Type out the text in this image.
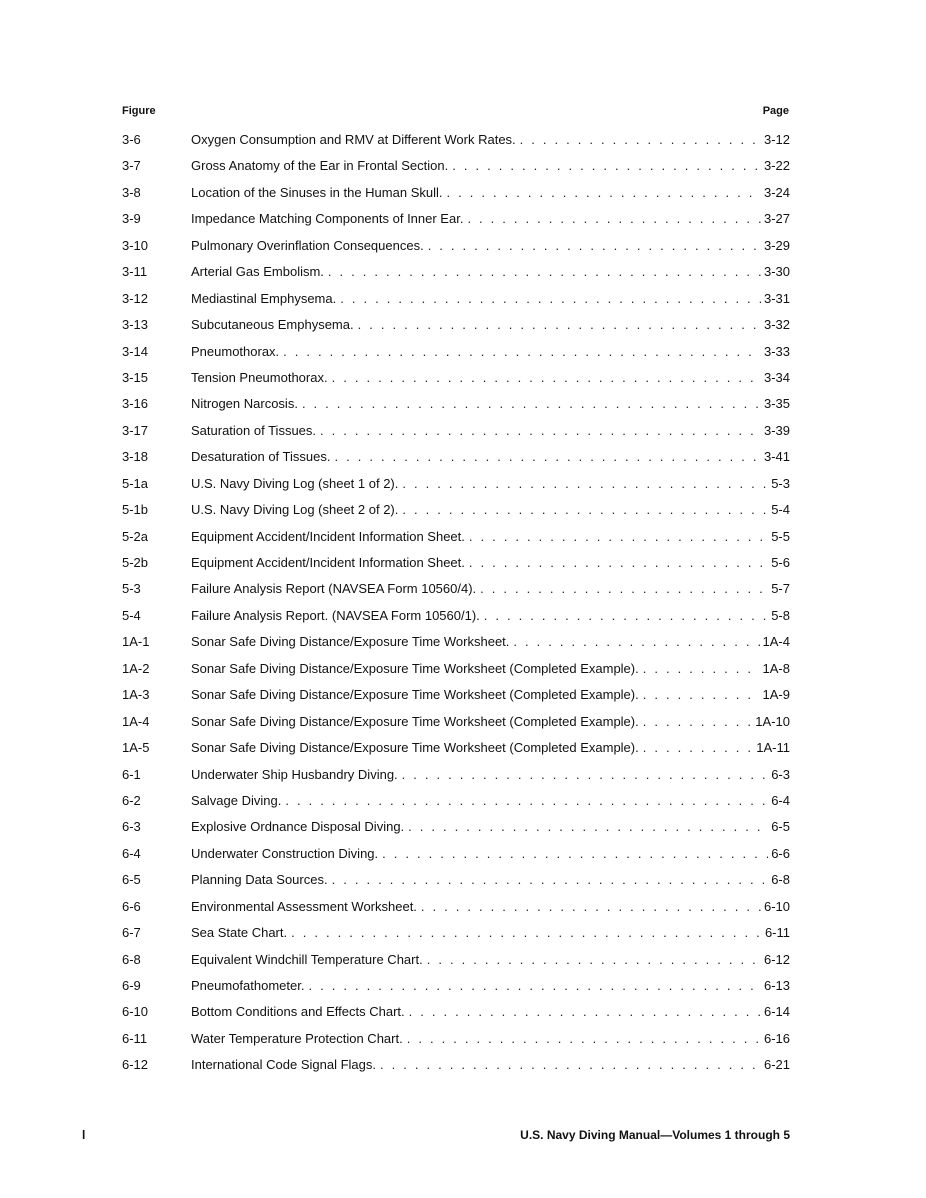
Figure	Page
3-6	Oxygen Consumption and RMV at Different Work Rates. . . .	3-12
3-7	Gross Anatomy of the Ear in Frontal Section. . . .	3-22
3-8	Location of the Sinuses in the Human Skull. . . .	3-24
3-9	Impedance Matching Components of Inner Ear. . . .	3-27
3-10	Pulmonary Overinflation Consequences. . . .	3-29
3-11	Arterial Gas Embolism. . . .	3-30
3-12	Mediastinal Emphysema. . . .	3-31
3-13	Subcutaneous Emphysema. . . .	3-32
3-14	Pneumothorax. . . .	3-33
3-15	Tension Pneumothorax. . . .	3-34
3-16	Nitrogen Narcosis. . . .	3-35
3-17	Saturation of Tissues. . . .	3-39
3-18	Desaturation of Tissues. . . .	3-41
5-1a	U.S. Navy Diving Log (sheet 1 of 2). . . .	5-3
5-1b	U.S. Navy Diving Log (sheet 2 of 2). . . .	5-4
5-2a	Equipment Accident/Incident Information Sheet. . . .	5-5
5-2b	Equipment Accident/Incident Information Sheet. . . .	5-6
5-3	Failure Analysis Report (NAVSEA Form 10560/4). . . .	5-7
5-4	Failure Analysis Report. (NAVSEA Form 10560/1). . . .	5-8
1A-1	Sonar Safe Diving Distance/Exposure Time Worksheet. . . .	1A-4
1A-2	Sonar Safe Diving Distance/Exposure Time Worksheet (Completed Example). . . .	1A-8
1A-3	Sonar Safe Diving Distance/Exposure Time Worksheet (Completed Example). . . .	1A-9
1A-4	Sonar Safe Diving Distance/Exposure Time Worksheet (Completed Example). . . .	1A-10
1A-5	Sonar Safe Diving Distance/Exposure Time Worksheet (Completed Example). . . .	1A-11
6-1	Underwater Ship Husbandry Diving. . . .	6-3
6-2	Salvage Diving. . . .	6-4
6-3	Explosive Ordnance Disposal Diving. . . .	6-5
6-4	Underwater Construction Diving. . . .	6-6
6-5	Planning Data Sources. . . .	6-8
6-6	Environmental Assessment Worksheet. . . .	6-10
6-7	Sea State Chart. . . .	6-11
6-8	Equivalent Windchill Temperature Chart. . . .	6-12
6-9	Pneumofathometer. . . .	6-13
6-10	Bottom Conditions and Effects Chart. . . .	6-14
6-11	Water Temperature Protection Chart. . . .	6-16
6-12	International Code Signal Flags. . . .	6-21
l	U.S. Navy Diving Manual—Volumes 1 through 5
